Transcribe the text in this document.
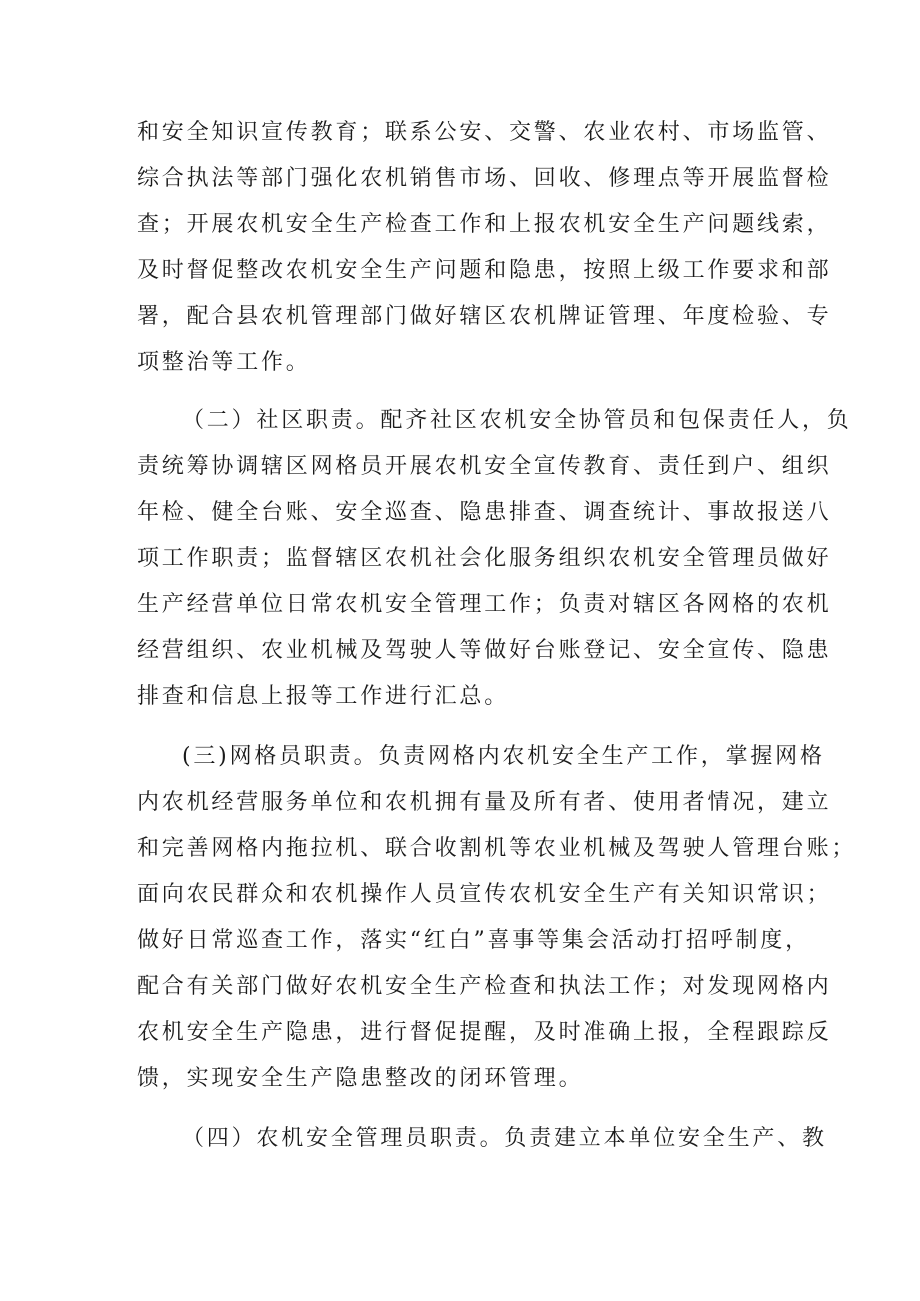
和安全知识宣传教育；联系公安、交警、农业农村、市场监管、
综合执法等部门强化农机销售市场、回收、修理点等开展监督检
查；开展农机安全生产检查工作和上报农机安全生产问题线索，
及时督促整改农机安全生产问题和隐患，按照上级工作要求和部
署，配合县农机管理部门做好辖区农机牌证管理、年度检验、专
项整治等工作。
（二）社区职责。配齐社区农机安全协管员和包保责任人，负
责统筹协调辖区网格员开展农机安全宣传教育、责任到户、组织
年检、健全台账、安全巡查、隐患排查、调查统计、事故报送八
项工作职责；监督辖区农机社会化服务组织农机安全管理员做好
生产经营单位日常农机安全管理工作；负责对辖区各网格的农机
经营组织、农业机械及驾驶人等做好台账登记、安全宣传、隐患
排查和信息上报等工作进行汇总。
(三)网格员职责。负责网格内农机安全生产工作，掌握网格
内农机经营服务单位和农机拥有量及所有者、使用者情况，建立
和完善网格内拖拉机、联合收割机等农业机械及驾驶人管理台账；
面向农民群众和农机操作人员宣传农机安全生产有关知识常识；
做好日常巡查工作，落实“红白”喜事等集会活动打招呼制度，
配合有关部门做好农机安全生产检查和执法工作；对发现网格内
农机安全生产隐患，进行督促提醒，及时准确上报，全程跟踪反
馈，实现安全生产隐患整改的闭环管理。
（四）农机安全管理员职责。负责建立本单位安全生产、教
